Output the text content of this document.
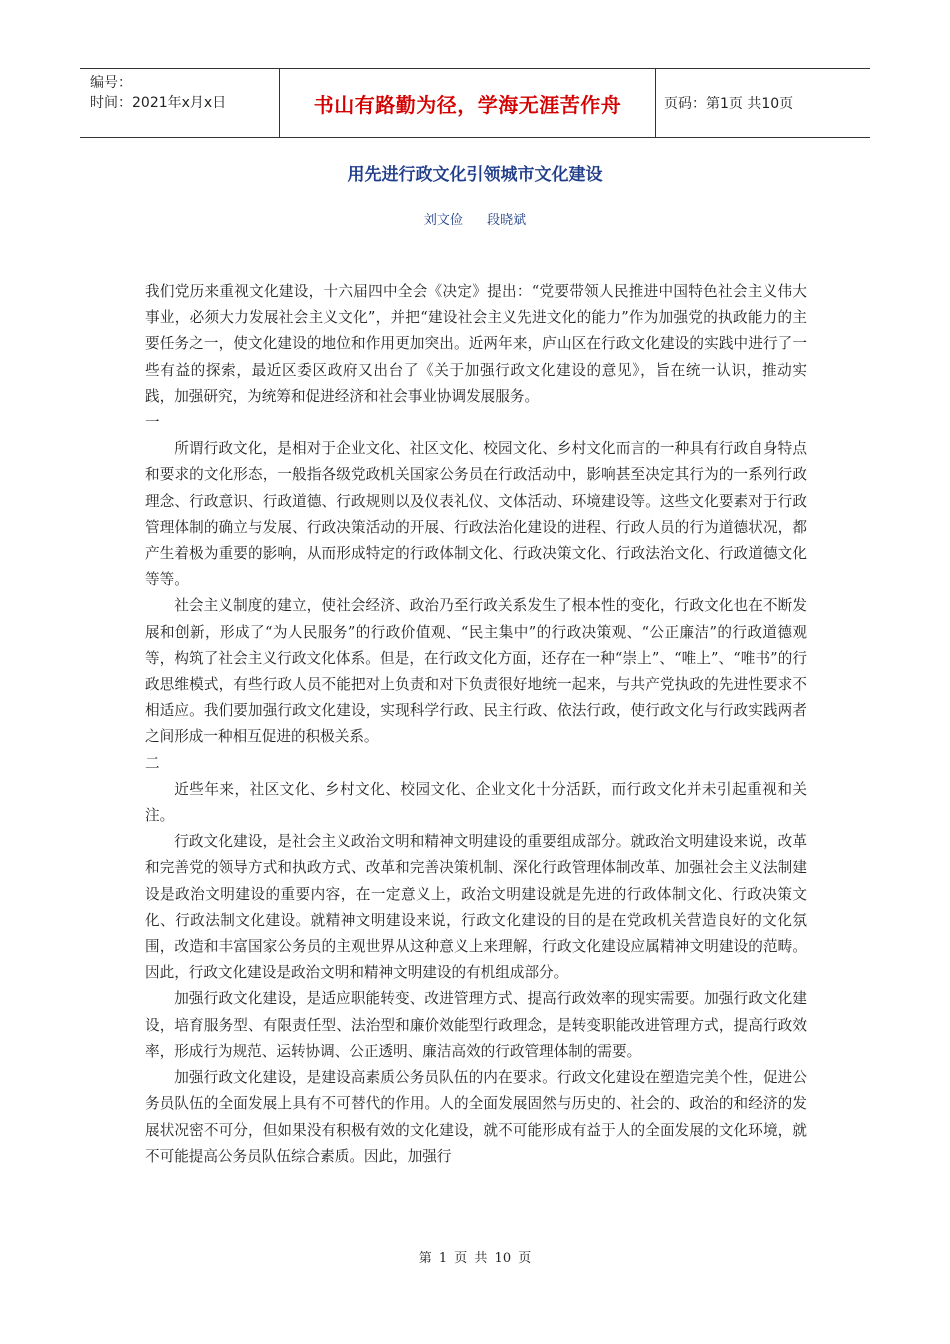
编号：
时间：2021年x月x日	书山有路勤为径，学海无涯苦作舟	页码：第1页 共10页
用先进行政文化引领城市文化建设
刘文俭 段晓斌

我们党历来重视文化建设，十六届四中全会《决定》提出：“党要带领人民推进中国特色社会主义伟大事业，必须大力发展社会主义文化”，并把“建设社会主义先进文化的能力”作为加强党的执政能力的主要任务之一，使文化建设的地位和作用更加突出。近两年来，庐山区在行政文化建设的实践中进行了一些有益的探索，最近区委区政府又出台了《关于加强行政文化建设的意见》，旨在统一认识，推动实践，加强研究，为统筹和促进经济和社会事业协调发展服务。

一

所谓行政文化，是相对于企业文化、社区文化、校园文化、乡村文化而言的一种具有行政自身特点和要求的文化形态，一般指各级党政机关国家公务员在行政活动中，影响甚至决定其行为的一系列行政理念、行政意识、行政道德、行政规则以及仪表礼仪、文体活动、环境建设等。这些文化要素对于行政管理体制的确立与发展、行政决策活动的开展、行政法治化建设的进程、行政人员的行为道德状况，都产生着极为重要的影响，从而形成特定的行政体制文化、行政决策文化、行政法治文化、行政道德文化等等。

社会主义制度的建立，使社会经济、政治乃至行政关系发生了根本性的变化，行政文化也在不断发展和创新，形成了“为人民服务”的行政价值观、“民主集中”的行政决策观、“公正廉洁”的行政道德观等，构筑了社会主义行政文化体系。但是，在行政文化方面，还存在一种“崇上”、“唯上”、“唯书”的行政思维模式，有些行政人员不能把对上负责和对下负责很好地统一起来，与共产党执政的先进性要求不相适应。我们要加强行政文化建设，实现科学行政、民主行政、依法行政，使行政文化与行政实践两者之间形成一种相互促进的积极关系。

二

近些年来，社区文化、乡村文化、校园文化、企业文化十分活跃，而行政文化并未引起重视和关注。

行政文化建设，是社会主义政治文明和精神文明建设的重要组成部分。就政治文明建设来说，改革和完善党的领导方式和执政方式、改革和完善决策机制、深化行政管理体制改革、加强社会主义法制建设是政治文明建设的重要内容，在一定意义上，政治文明建设就是先进的行政体制文化、行政决策文化、行政法制文化建设。就精神文明建设来说，行政文化建设的目的是在党政机关营造良好的文化氛围，改造和丰富国家公务员的主观世界从这种意义上来理解，行政文化建设应属精神文明建设的范畴。因此，行政文化建设是政治文明和精神文明建设的有机组成部分。

加强行政文化建设，是适应职能转变、改进管理方式、提高行政效率的现实需要。加强行政文化建设，培育服务型、有限责任型、法治型和廉价效能型行政理念，是转变职能改进管理方式，提高行政效率，形成行为规范、运转协调、公正透明、廉洁高效的行政管理体制的需要。

加强行政文化建设，是建设高素质公务员队伍的内在要求。行政文化建设在塑造完美个性，促进公务员队伍的全面发展上具有不可替代的作用。人的全面发展固然与历史的、社会的、政治的和经济的发展状况密不可分，但如果没有积极有效的文化建设，就不可能形成有益于人的全面发展的文化环境，就不可能提高公务员队伍综合素质。因此，加强行

第 1 页 共 10 页
